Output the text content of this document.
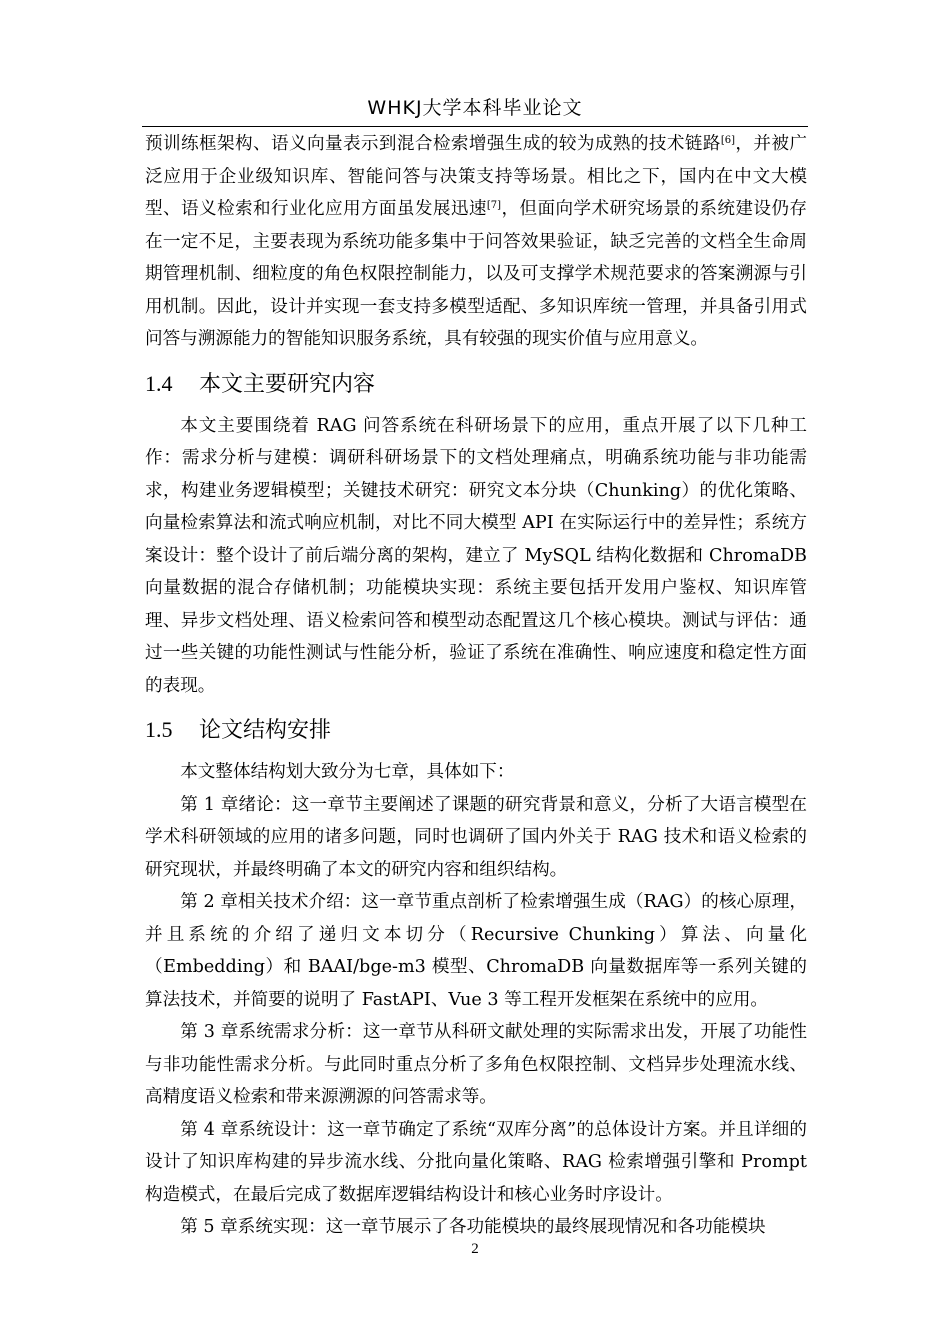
WHKJ大学本科毕业论文

预训练框架构、语义向量表示到混合检索增强生成的较为成熟的技术链路[6]，并被广泛应用于企业级知识库、智能问答与决策支持等场景。相比之下，国内在中文大模型、语义检索和行业化应用方面虽发展迅速[7]，但面向学术研究场景的系统建设仍存在一定不足，主要表现为系统功能多集中于问答效果验证，缺乏完善的文档全生命周期管理机制、细粒度的角色权限控制能力，以及可支撑学术规范要求的答案溯源与引用机制。因此，设计并实现一套支持多模型适配、多知识库统一管理，并具备引用式问答与溯源能力的智能知识服务系统，具有较强的现实价值与应用意义。

1.4 本文主要研究内容

本文主要围绕着 RAG 问答系统在科研场景下的应用，重点开展了以下几种工作：需求分析与建模：调研科研场景下的文档处理痛点，明确系统功能与非功能需求，构建业务逻辑模型；关键技术研究：研究文本分块（Chunking）的优化策略、向量检索算法和流式响应机制，对比不同大模型 API 在实际运行中的差异性；系统方案设计：整个设计了前后端分离的架构，建立了 MySQL 结构化数据和 ChromaDB 向量数据的混合存储机制；功能模块实现：系统主要包括开发用户鉴权、知识库管理、异步文档处理、语义检索问答和模型动态配置这几个核心模块。测试与评估：通过一些关键的功能性测试与性能分析，验证了系统在准确性、响应速度和稳定性方面的表现。

1.5 论文结构安排

本文整体结构划大致分为七章，具体如下：

第 1 章绪论：这一章节主要阐述了课题的研究背景和意义，分析了大语言模型在学术科研领域的应用的诸多问题，同时也调研了国内外关于 RAG 技术和语义检索的研究现状，并最终明确了本文的研究内容和组织结构。

第 2 章相关技术介绍：这一章节重点剖析了检索增强生成（RAG）的核心原理，并且系统的介绍了递归文本切分（Recursive Chunking）算法、向量化（Embedding）和 BAAI/bge-m3 模型、ChromaDB 向量数据库等一系列关键的算法技术，并简要的说明了 FastAPI、Vue 3 等工程开发框架在系统中的应用。

第 3 章系统需求分析：这一章节从科研文献处理的实际需求出发，开展了功能性与非功能性需求分析。与此同时重点分析了多角色权限控制、文档异步处理流水线、高精度语义检索和带来源溯源的问答需求等。

第 4 章系统设计：这一章节确定了系统“双库分离”的总体设计方案。并且详细的设计了知识库构建的异步流水线、分批向量化策略、RAG 检索增强引擎和 Prompt 构造模式，在最后完成了数据库逻辑结构设计和核心业务时序设计。

第 5 章系统实现：这一章节展示了各功能模块的最终展现情况和各功能模块

2
